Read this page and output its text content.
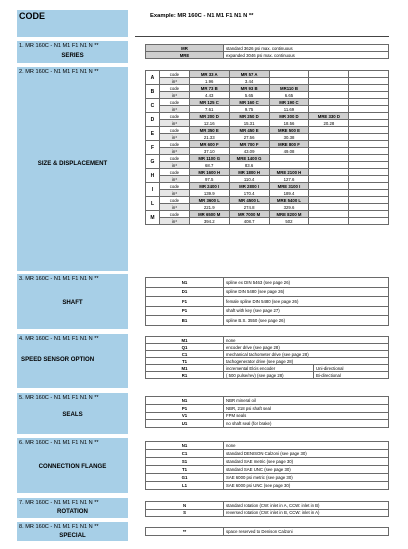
CODE	Example: MR 160C - N1 M1 F1 N1 N **
1. MR 160C - N1 M1 F1 N1 N **
SERIES
MR	standard 3626 psi max. continuous
MRE	expanded 3046 psi max. continuous
2. MR 160C - N1 M1 F1 N1 N **
SIZE & DISPLACEMENT
A	code	MR 33 A	MR 57 A			
	in³	1.96	3.44			
B	code	MR 73 B	MR 93 B	MR110 B		
	in³	4.43	5.65	6.65		
C	code	MR 125 C	MR 160 C	MR 190 C		
	in³	7.61	9.75	11.69		
D	code	MR 200 D	MR 250 D	MR 300 D	MRE 330 D	
	in³	12.16	15.31	18.56	20.28	
E	code	MR 350 E	MR 450 E	MRE 500 E		
	in³	21.33	27.56	30.38		
F	code	MR 600 F	MR 700 F	MRE 800 F		
	in³	37.10	43.09	49.08		
G	code	MR 1100 G	MRE 1400 G			
	in³	68.7	83.6			
H	code	MR 1600 H	MR 1800 H	MRE 2100 H		
	in³	97.5	110.4	127.6		
I	code	MR 2400 I	MR 2800 I	MRE 3100 I		
	in³	139.9	170.4	189.4		
L	code	MR 3600 L	MR 4500 L	MRE 5400 L		
	in³	221.9	274.8	329.6		
M	code	MR 6500 M	MR 7000 M	MRE 8200 M		
	in³	394.2	408.7	502		
3. MR 160C - N1 M1 F1 N1 N **
SHAFT
N1	spline ex DIN 5463 (see page 26)
D1	spline DIN 5480 (see page 26)
F1	female spline DIN 5480 (see page 26)
P1	shaft with key (see page 27)
B1	spline B.S. 3550 (see page 26)
4. MR 160C - N1 M1 F1 N1 N **
SPEED SENSOR OPTION
M1	none	
Q1	encoder drive (see page 28)	
C1	mechanical tachometer drive (see page 28)	
T1	tachogenerator drive (see page 28)	
M1	incremental Elcis encoder	Uni-directional
R1	( 500 pulse/rev) (see page 28)	Bi-directional
5. MR 160C - N1 M1 F1 N1 N **
SEALS
N1	NBR mineral oil
P1	NBR, 218 psi shaft seal
V1	FPM seals
U1	no shaft seal (for brake)
6. MR 160C - N1 M1 F1 N1 N **
CONNECTION FLANGE
N1	none
C1	standard DENISON Calzoni (see page 30)
S1	standard SAE metric (see page 30)
T1	standard SAE UNC (see page 30)
G1	SAE 6000 psi metric (see page 30)
L1	SAE 6000 psi UNC (see page 30)
7. MR 160C - N1 M1 F1 N1 N **
ROTATION
N	standard rotation (CW: inlet in A, CCW: inlet in B)
S	reversed rotation (CW: inlet in B, CCW: inlet in A)
8. MR 160C - N1 M1 F1 N1 N **
SPECIAL
**	space reserved to Denison Calzoni
